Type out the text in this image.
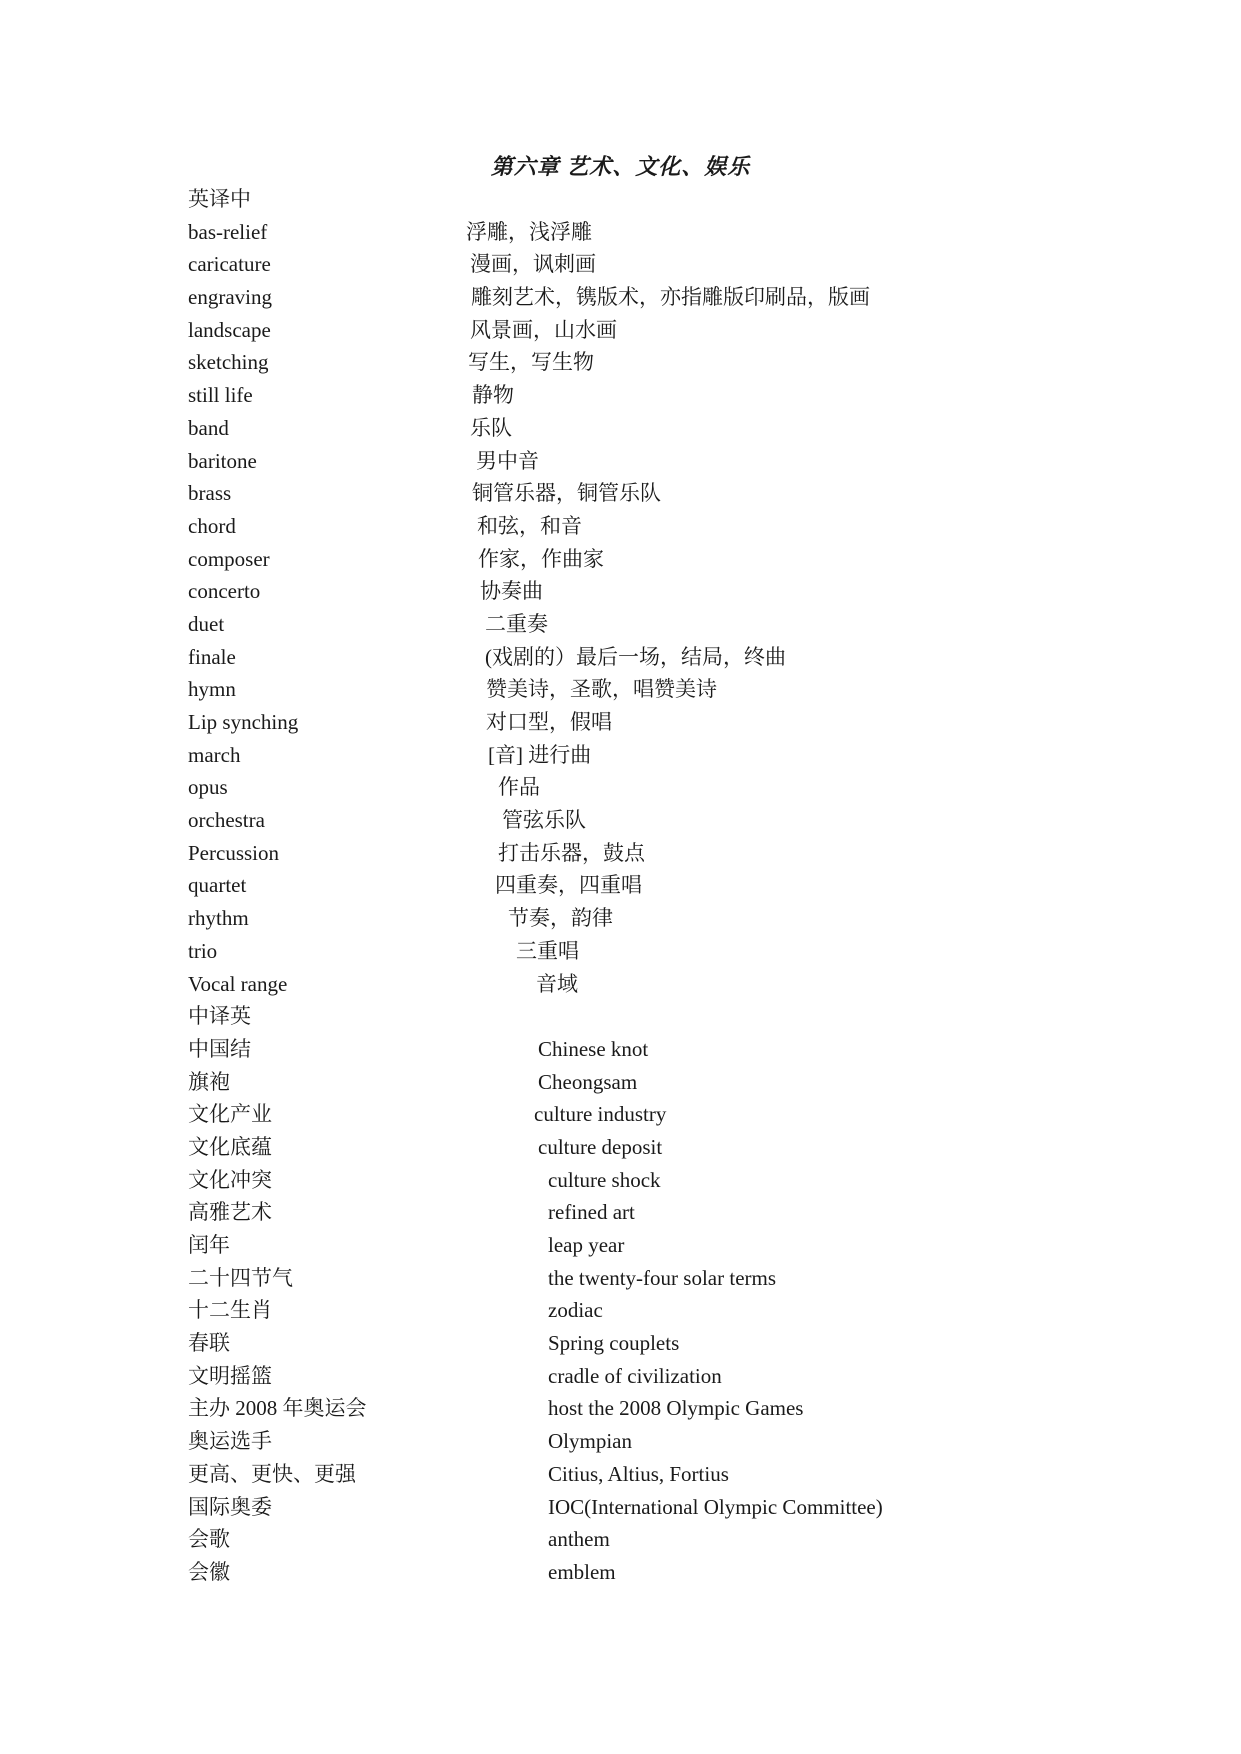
第六章 艺术、文化、娱乐
英译中
bas-relief	浮雕，浅浮雕
caricature	漫画，讽刺画
engraving	雕刻艺术，镌版术，亦指雕版印刷品，版画
landscape	风景画，山水画
sketching	写生，写生物
still life	静物
band	乐队
baritone	男中音
brass	铜管乐器，铜管乐队
chord	和弦，和音
composer	作家，作曲家
concerto	协奏曲
duet	二重奏
finale	(戏剧的）最后一场，结局，终曲
hymn	赞美诗，圣歌，唱赞美诗
Lip synching	对口型，假唱
march	[音] 进行曲
opus	作品
orchestra	管弦乐队
Percussion	打击乐器，鼓点
quartet	四重奏，四重唱
rhythm	节奏，韵律
trio	三重唱
Vocal range	音域
中译英
中国结	Chinese knot
旗袍	Cheongsam
文化产业	culture industry
文化底蕴	culture deposit
文化冲突	culture shock
高雅艺术	refined art
闰年	leap year
二十四节气	the twenty-four solar terms
十二生肖	zodiac
春联	Spring couplets
文明摇篮	cradle of civilization
主办 2008 年奥运会	host the 2008 Olympic Games
奥运选手	Olympian
更高、更快、更强	Citius, Altius, Fortius
国际奥委	IOC(International Olympic Committee)
会歌	anthem
会徽	emblem
